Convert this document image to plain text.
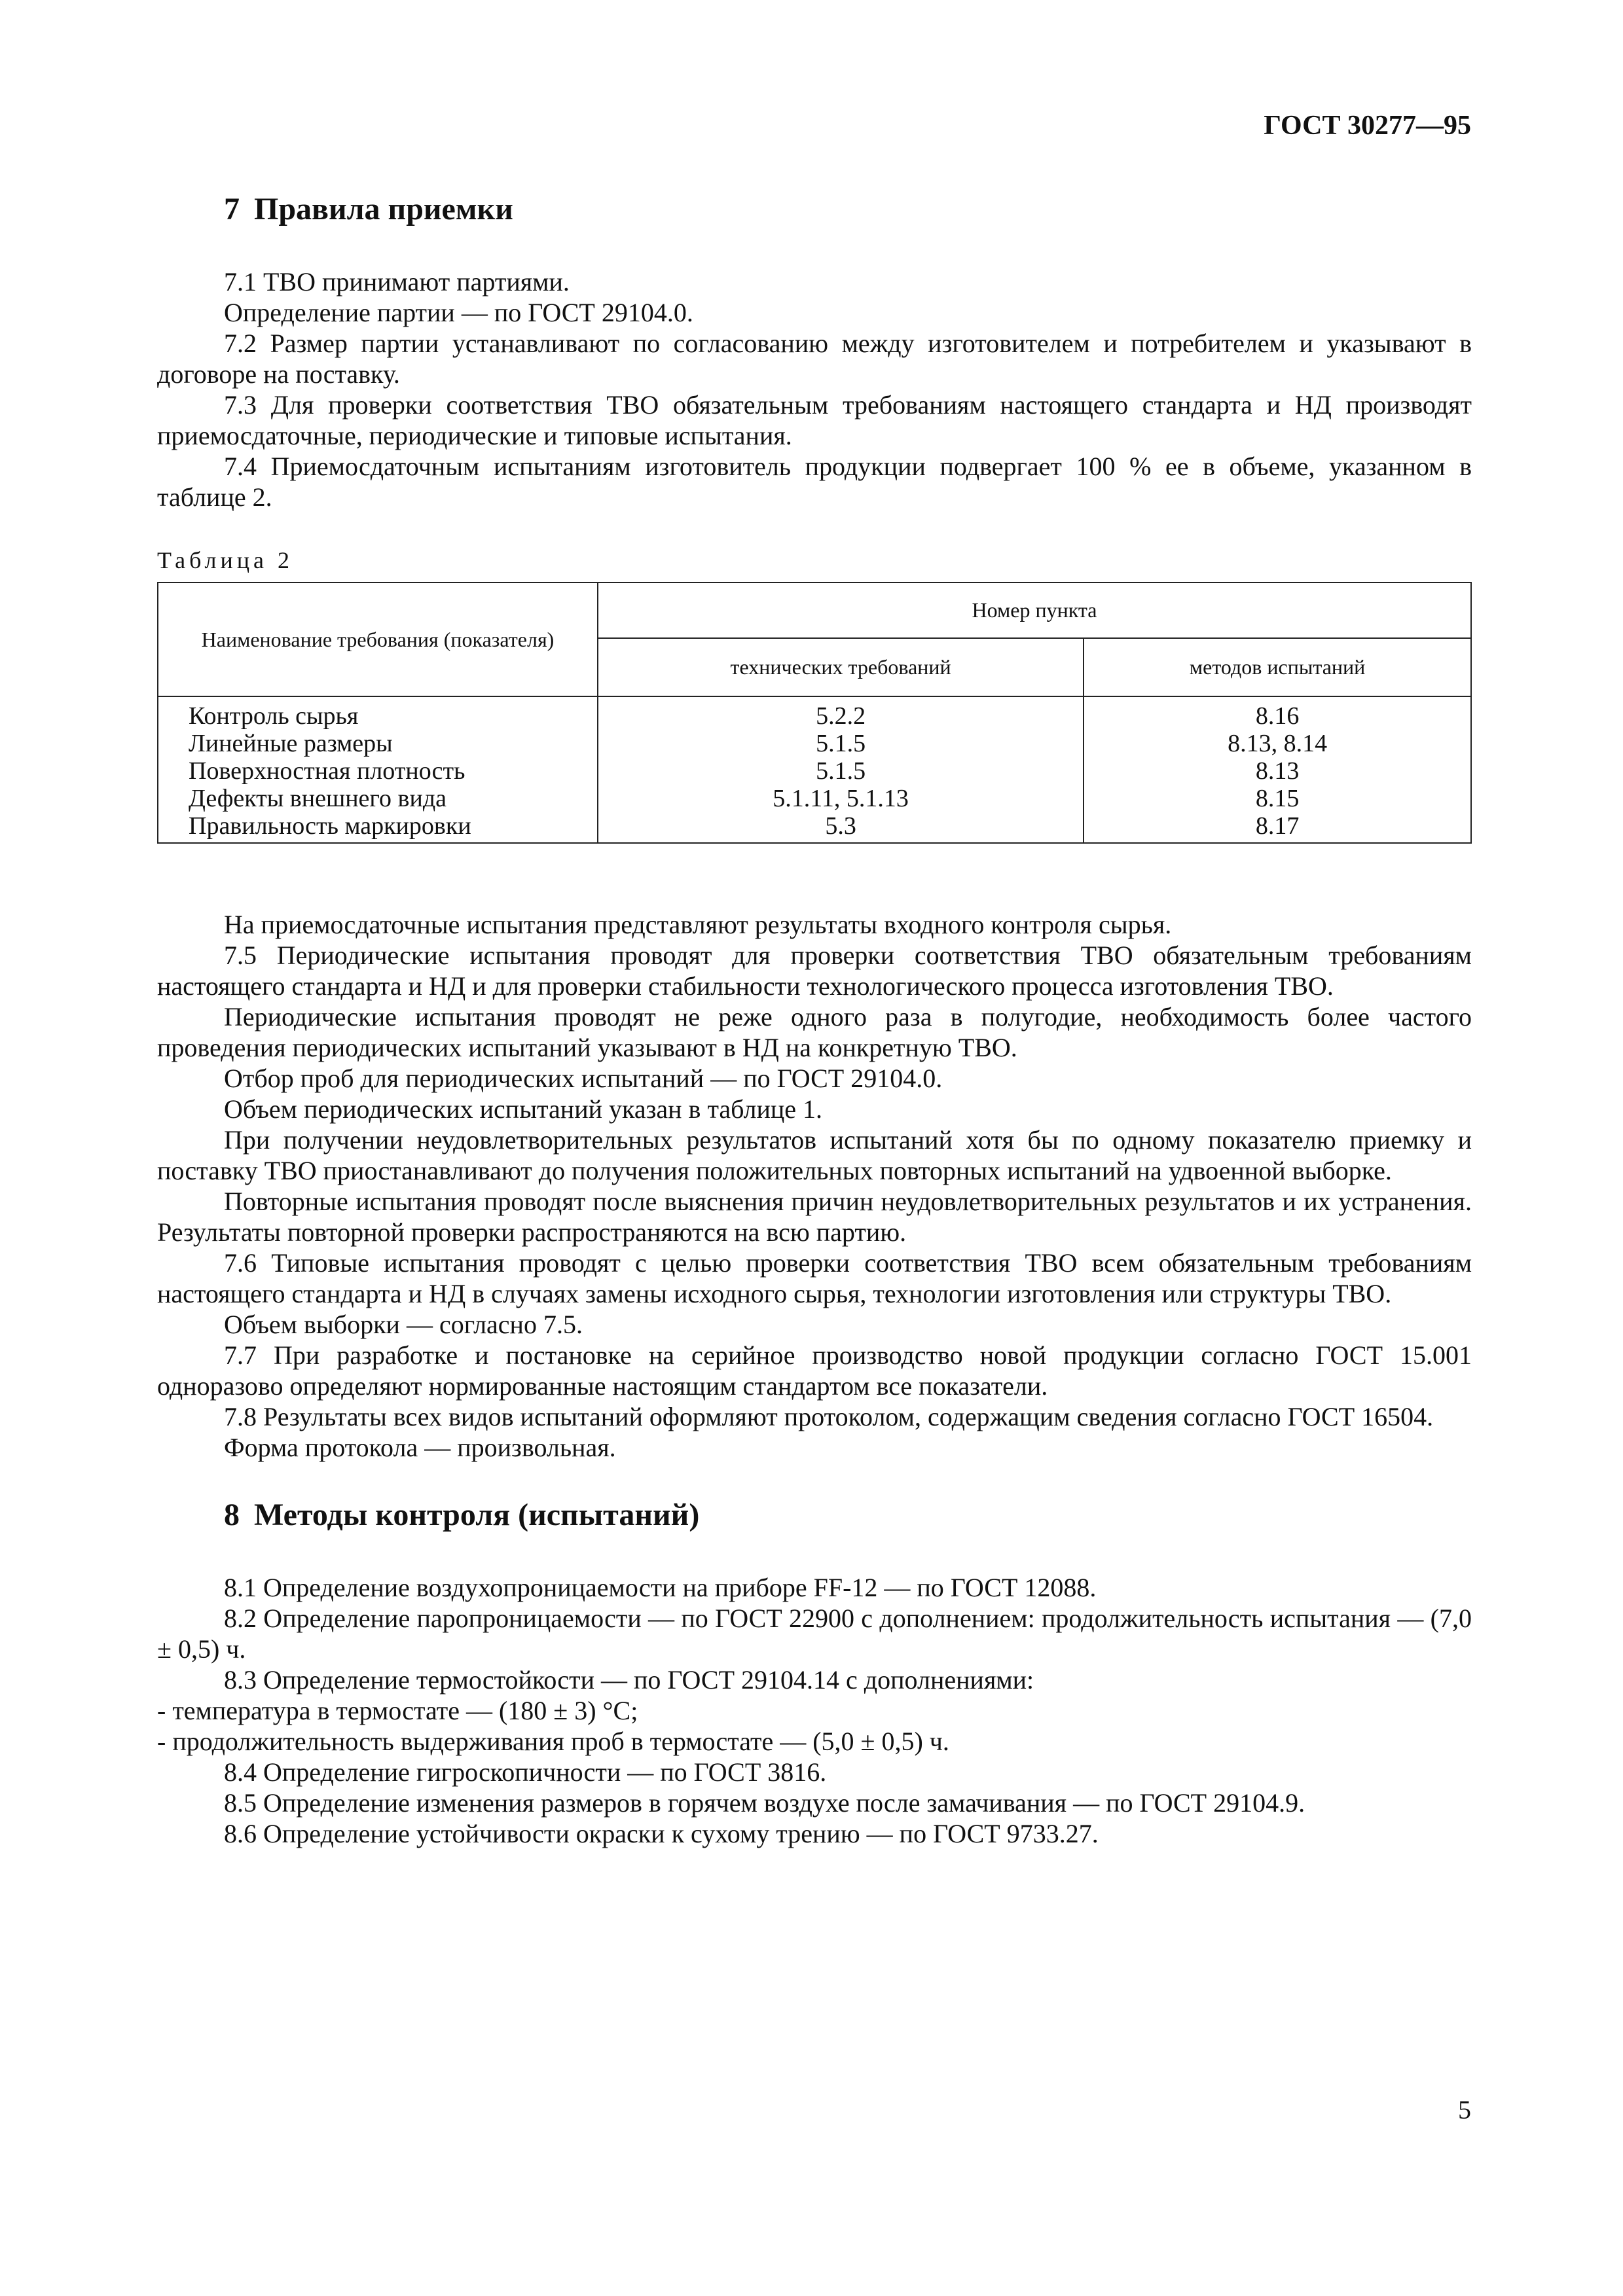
ГОСТ 30277—95
7 Правила приемки

7.1 ТВО принимают партиями.

Определение партии — по ГОСТ 29104.0.

7.2 Размер партии устанавливают по согласованию между изготовителем и потребителем и указывают в договоре на поставку.

7.3 Для проверки соответствия ТВО обязательным требованиям настоящего стандарта и НД производят приемосдаточные, периодические и типовые испытания.

7.4 Приемосдаточным испытаниям изготовитель продукции подвергает 100 % ее в объеме, указанном в таблице 2.

Таблица 2
Наименование требования (показателя)	Номер пункта	
	технических требований	методов испытаний
Контроль сырья	5.2.2	8.16
Линейные размеры	5.1.5	8.13, 8.14
Поверхностная плотность	5.1.5	8.13
Дефекты внешнего вида	5.1.11, 5.1.13	8.15
Правильность маркировки	5.3	8.17

На приемосдаточные испытания представляют результаты входного контроля сырья.

7.5 Периодические испытания проводят для проверки соответствия ТВО обязательным требованиям настоящего стандарта и НД и для проверки стабильности технологического процесса изготовления ТВО.

Периодические испытания проводят не реже одного раза в полугодие, необходимость более частого проведения периодических испытаний указывают в НД на конкретную ТВО.

Отбор проб для периодических испытаний — по ГОСТ 29104.0.

Объем периодических испытаний указан в таблице 1.

При получении неудовлетворительных результатов испытаний хотя бы по одному показателю приемку и поставку ТВО приостанавливают до получения положительных повторных испытаний на удвоенной выборке.

Повторные испытания проводят после выяснения причин неудовлетворительных результатов и их устранения. Результаты повторной проверки распространяются на всю партию.

7.6 Типовые испытания проводят с целью проверки соответствия ТВО всем обязательным требованиям настоящего стандарта и НД в случаях замены исходного сырья, технологии изготовления или структуры ТВО.

Объем выборки — согласно 7.5.

7.7 При разработке и постановке на серийное производство новой продукции согласно ГОСТ 15.001 одноразово определяют нормированные настоящим стандартом все показатели.

7.8 Результаты всех видов испытаний оформляют протоколом, содержащим сведения согласно ГОСТ 16504.

Форма протокола — произвольная.

8 Методы контроля (испытаний)

8.1 Определение воздухопроницаемости на приборе FF-12 — по ГОСТ 12088.

8.2 Определение паропроницаемости — по ГОСТ 22900 с дополнением: продолжительность испытания — (7,0 ± 0,5) ч.

8.3 Определение термостойкости — по ГОСТ 29104.14 с дополнениями:

- температура в термостате — (180 ± 3) °С;

- продолжительность выдерживания проб в термостате — (5,0 ± 0,5) ч.

8.4 Определение гигроскопичности — по ГОСТ 3816.

8.5 Определение изменения размеров в горячем воздухе после замачивания — по ГОСТ 29104.9.

8.6 Определение устойчивости окраски к сухому трению — по ГОСТ 9733.27.

5
